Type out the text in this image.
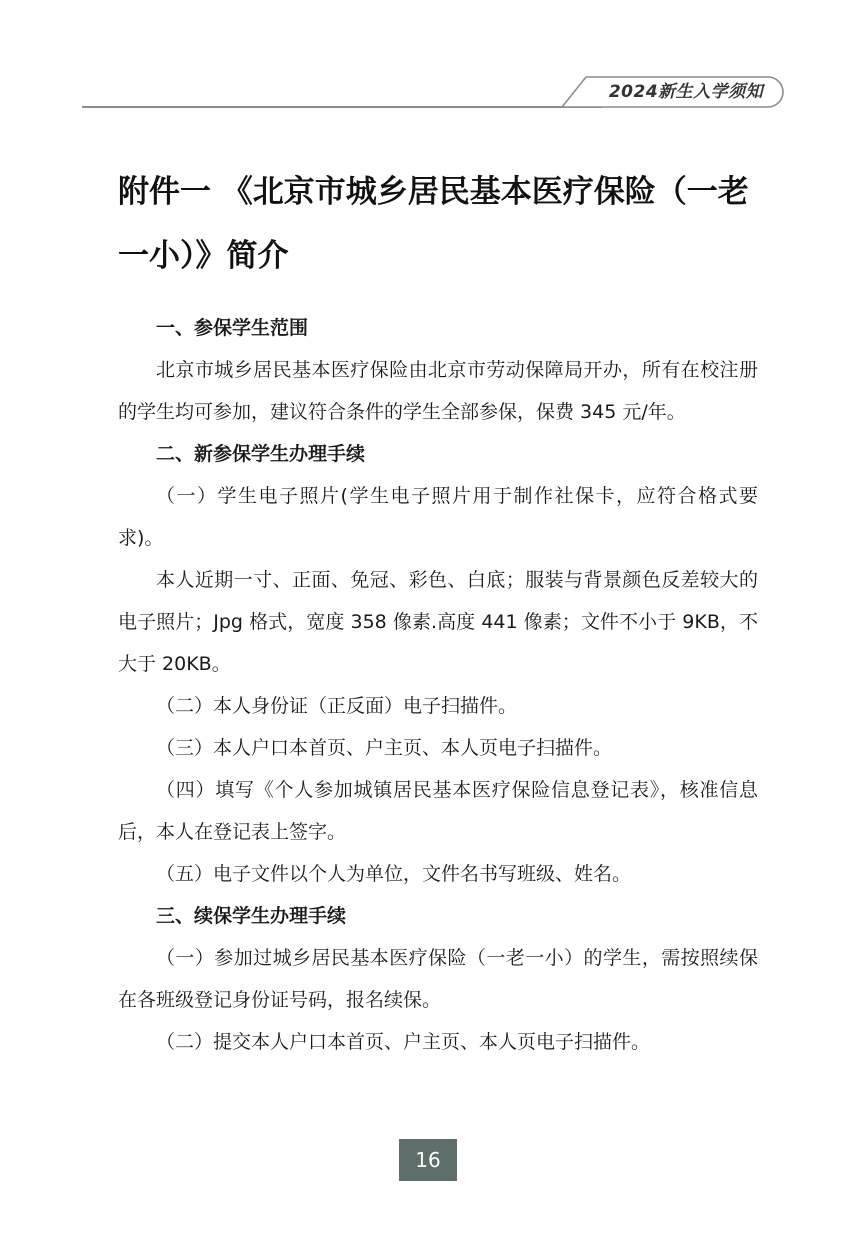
2024新生入学须知
附件一 《北京市城乡居民基本医疗保险（一老一小）》简介

一、参保学生范围

北京市城乡居民基本医疗保险由北京市劳动保障局开办，所有在校注册的学生均可参加，建议符合条件的学生全部参保，保费 345 元/年。

二、新参保学生办理手续

（一）学生电子照片(学生电子照片用于制作社保卡，应符合格式要求)。

本人近期一寸、正面、免冠、彩色、白底；服装与背景颜色反差较大的电子照片；Jpg 格式，宽度 358 像素.高度 441 像素；文件不小于 9KB，不大于 20KB。

（二）本人身份证（正反面）电子扫描件。

（三）本人户口本首页、户主页、本人页电子扫描件。

（四）填写《个人参加城镇居民基本医疗保险信息登记表》，核准信息后，本人在登记表上签字。

（五）电子文件以个人为单位，文件名书写班级、姓名。

三、续保学生办理手续

（一）参加过城乡居民基本医疗保险（一老一小）的学生，需按照续保在各班级登记身份证号码，报名续保。

（二）提交本人户口本首页、户主页、本人页电子扫描件。

16
